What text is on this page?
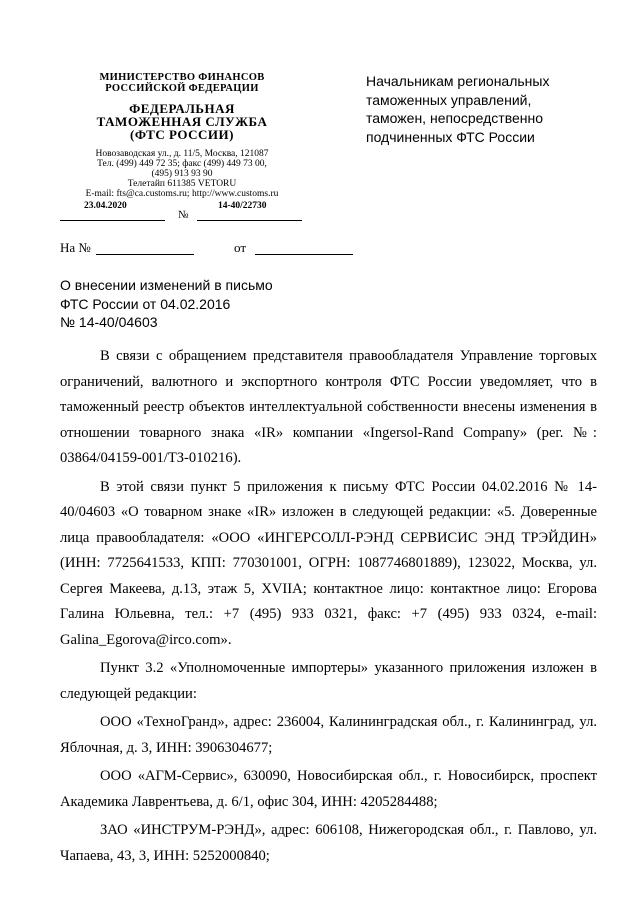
МИНИСТЕРСТВО ФИНАНСОВ
РОССИЙСКОЙ ФЕДЕРАЦИИ
ФЕДЕРАЛЬНАЯ
ТАМОЖЕННАЯ СЛУЖБА
(ФТС РОССИИ)
Новозаводская ул., д. 11/5, Москва, 121087
Тел. (499) 449 72 35; факс (499) 449 73 00,
(495) 913 93 90
Телетайп 611385 VETORU
E-mail: fts@ca.customs.ru; http://www.customs.ru
23.04.2020
№
14-40/22730
На №	от
Начальникам региональных
таможенных управлений,
таможен, непосредственно
подчиненных ФТС России
О внесении изменений в письмо
ФТС России от 04.02.2016
№ 14-40/04603

В связи с обращением представителя правообладателя Управление торговых ограничений, валютного и экспортного контроля ФТС России уведомляет, что в таможенный реестр объектов интеллектуальной собственности внесены изменения в отношении товарного знака «IR» компании «Ingersol-Rand Company» (рег. №: 03864/04159-001/ТЗ-010216).

В этой связи пункт 5 приложения к письму ФТС России 04.02.2016 № 14-40/04603 «О товарном знаке «IR» изложен в следующей редакции: «5. Доверенные лица правообладателя: «ООО «ИНГЕРСОЛЛ-РЭНД СЕРВИСИС ЭНД ТРЭЙДИН» (ИНН: 7725641533, КПП: 770301001, ОГРН: 1087746801889), 123022, Москва, ул. Сергея Макеева, д.13, этаж 5, XVIIA; контактное лицо: контактное лицо: Егорова Галина Юльевна, тел.: +7 (495) 933 0321, факс: +7 (495) 933 0324, e-mail: Galina_Egorova@irco.com».

Пункт 3.2 «Уполномоченные импортеры» указанного приложения изложен в следующей редакции:

ООО «ТехноГранд», адрес: 236004, Калининградская обл., г. Калининград, ул. Яблочная, д. 3, ИНН: 3906304677;

ООО «АГМ-Сервис», 630090, Новосибирская обл., г. Новосибирск, проспект Академика Лаврентьева, д. 6/1, офис 304, ИНН: 4205284488;

ЗАО «ИНСТРУМ-РЭНД», адрес: 606108, Нижегородская обл., г. Павлово, ул. Чапаева, 43, 3, ИНН: 5252000840;
